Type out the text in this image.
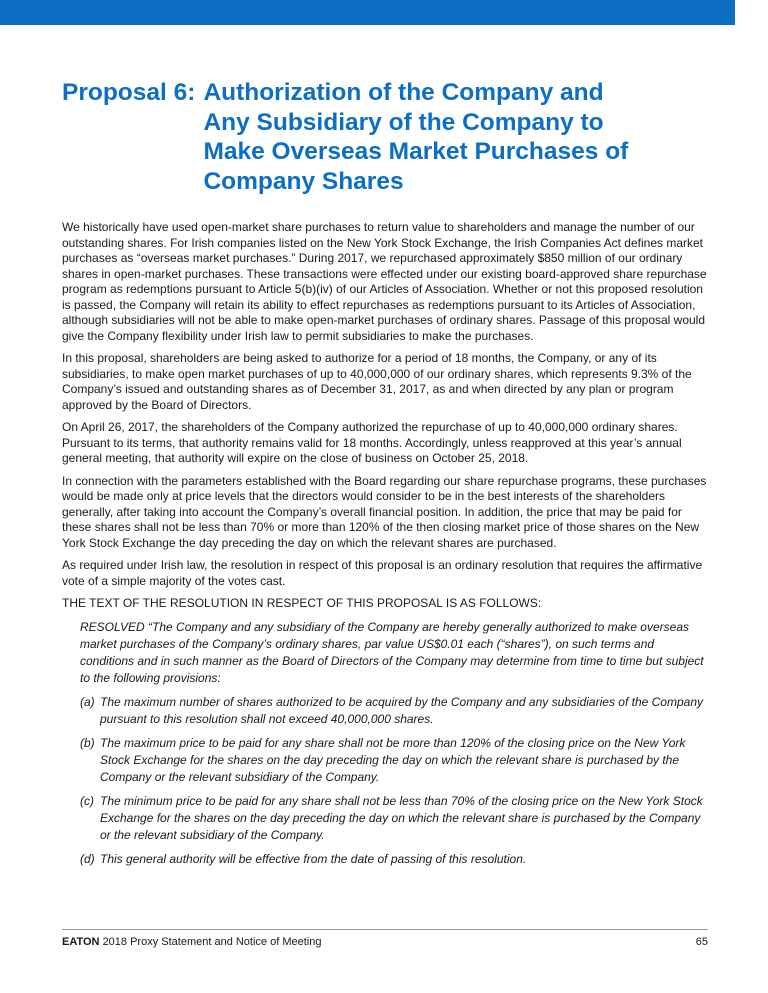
Proposal 6: Authorization of the Company and
Any Subsidiary of the Company to
Make Overseas Market Purchases of
Company Shares

We historically have used open-market share purchases to return value to shareholders and manage the number of our outstanding shares. For Irish companies listed on the New York Stock Exchange, the Irish Companies Act defines market purchases as “overseas market purchases.” During 2017, we repurchased approximately $850 million of our ordinary shares in open-market purchases. These transactions were effected under our existing board-approved share repurchase program as redemptions pursuant to Article 5(b)(iv) of our Articles of Association. Whether or not this proposed resolution is passed, the Company will retain its ability to effect repurchases as redemptions pursuant to its Articles of Association, although subsidiaries will not be able to make open-market purchases of ordinary shares. Passage of this proposal would give the Company flexibility under Irish law to permit subsidiaries to make the purchases.

In this proposal, shareholders are being asked to authorize for a period of 18 months, the Company, or any of its subsidiaries, to make open market purchases of up to 40,000,000 of our ordinary shares, which represents 9.3% of the Company’s issued and outstanding shares as of December 31, 2017, as and when directed by any plan or program approved by the Board of Directors.

On April 26, 2017, the shareholders of the Company authorized the repurchase of up to 40,000,000 ordinary shares. Pursuant to its terms, that authority remains valid for 18 months. Accordingly, unless reapproved at this year’s annual general meeting, that authority will expire on the close of business on October 25, 2018.

In connection with the parameters established with the Board regarding our share repurchase programs, these purchases would be made only at price levels that the directors would consider to be in the best interests of the shareholders generally, after taking into account the Company’s overall financial position. In addition, the price that may be paid for these shares shall not be less than 70% or more than 120% of the then closing market price of those shares on the New York Stock Exchange the day preceding the day on which the relevant shares are purchased.

As required under Irish law, the resolution in respect of this proposal is an ordinary resolution that requires the affirmative vote of a simple majority of the votes cast.

THE TEXT OF THE RESOLUTION IN RESPECT OF THIS PROPOSAL IS AS FOLLOWS:

RESOLVED “The Company and any subsidiary of the Company are hereby generally authorized to make overseas market purchases of the Company’s ordinary shares, par value US$0.01 each (“shares”), on such terms and conditions and in such manner as the Board of Directors of the Company may determine from time to time but subject to the following provisions:

(a) The maximum number of shares authorized to be acquired by the Company and any subsidiaries of the Company pursuant to this resolution shall not exceed 40,000,000 shares.
(b) The maximum price to be paid for any share shall not be more than 120% of the closing price on the New York Stock Exchange for the shares on the day preceding the day on which the relevant share is purchased by the Company or the relevant subsidiary of the Company.
(c) The minimum price to be paid for any share shall not be less than 70% of the closing price on the New York Stock Exchange for the shares on the day preceding the day on which the relevant share is purchased by the Company or the relevant subsidiary of the Company.
(d) This general authority will be effective from the date of passing of this resolution.
EATON 2018 Proxy Statement and Notice of Meeting	65
